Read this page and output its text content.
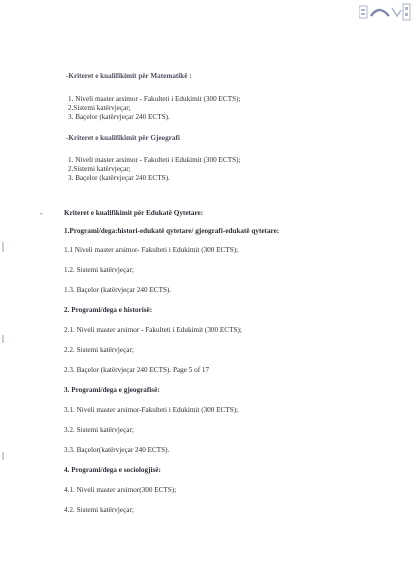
-Kriteret e kualifikimit për Matematikë :
1. Niveli master arsimor - Fakulteti i Edukimit (300 ECTS);
2.Sistemi katërvjeçar;
3. Baçelor (katërvjeçar 240 ECTS).
-Kriteret e kualifikimit për Gjeografi
1. Niveli master arsimor - Fakulteti i Edukimit (300 ECTS);
2.Sistemi katërvjeçar;
3. Baçelor (katërvjeçar 240 ECTS).
-	Kriteret e kualifikimit për Edukatë Qytetare:
1.Programi/dega:histori-edukatë qytetare/ gjeografi-edukatë qytetare:
1.1 Niveli master arsimor- Fakulteti i Edukimit (300 ECTS);
1.2. Sistemi katërvjeçar;
1.3. Baçelor (katërvjeçar 240 ECTS).
2. Programi/dega e historisë:
2.1. Niveli master arsimor - Fakulteti i Edukimit (300 ECTS);
2.2. Sistemi katërvjeçar;
2.3. Baçelor (katërvjeçar 240 ECTS). Page 5 of 17
3. Programi/dega e gjeografisë:
3.1. Niveli master arsimor-Fakulteti i Edukimit (300 ECTS);
3.2. Sistemi katërvjeçar;
3.3. Baçelor(katërvjeçar 240 ECTS).
4. Programi/dega e sociologjisë:
4.1. Niveli master arsimor(300 ECTS);
4.2. Sistemi katërvjeçar;
